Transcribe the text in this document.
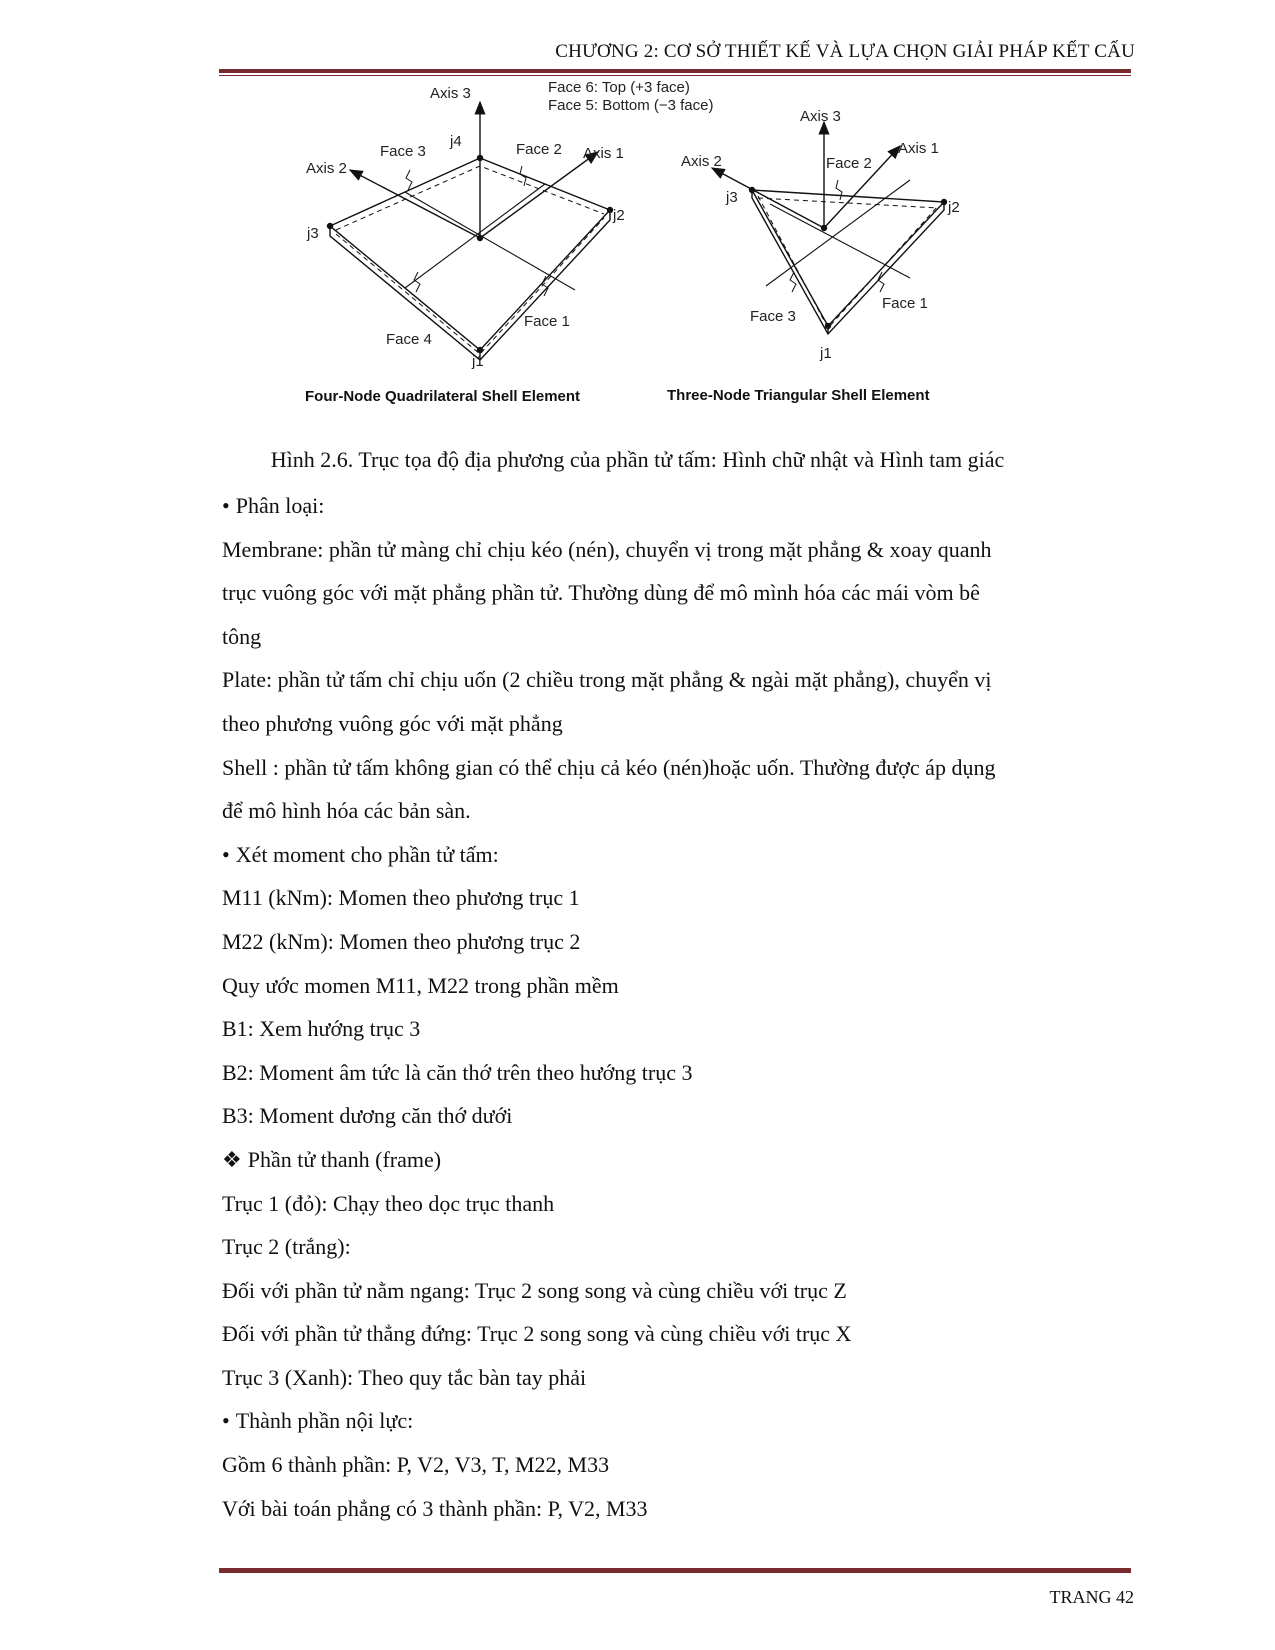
CHƯƠNG 2: CƠ SỞ THIẾT KẾ VÀ LỰA CHỌN GIẢI PHÁP KẾT CẤU
Face 6: Top (+3 face)
Face 5: Bottom (−3 face)
Axis 3
Axis 2
Axis 1
Face 3	Face 2
Face 4
Face 1
j4
j2
j3
j1
Axis 3
Axis 2
Axis 1
Face 2
Face 3
Face 1
j3
j2
j1
Four-Node Quadrilateral Shell Element	Three-Node Triangular Shell Element
Hình 2.6. Trục tọa độ địa phương của phần tử tấm: Hình chữ nhật và Hình tam giác
• Phân loại:
Membrane: phần tử màng chỉ chịu kéo (nén), chuyển vị trong mặt phẳng & xoay quanh
trục vuông góc với mặt phẳng phần tử. Thường dùng để mô mình hóa các mái vòm bê
tông
Plate: phần tử tấm chỉ chịu uốn (2 chiều trong mặt phẳng & ngài mặt phẳng), chuyển vị
theo phương vuông góc với mặt phẳng
Shell : phần tử tấm không gian có thể chịu cả kéo (nén)hoặc uốn. Thường được áp dụng
để mô hình hóa các bản sàn.
• Xét moment cho phần tử tấm:
M11 (kNm): Momen theo phương trục 1
M22 (kNm): Momen theo phương trục 2
Quy ước momen M11, M22 trong phần mềm
B1: Xem hướng trục 3
B2: Moment âm tức là căn thớ trên theo hướng trục 3
B3: Moment dương căn thớ dưới
❖ Phần tử thanh (frame)
Trục 1 (đỏ): Chạy theo dọc trục thanh
Trục 2 (trắng):
Đối với phần tử nằm ngang: Trục 2 song song và cùng chiều với trục Z
Đối với phần tử thẳng đứng: Trục 2 song song và cùng chiều với trục X
Trục 3 (Xanh): Theo quy tắc bàn tay phải
• Thành phần nội lực:
Gồm 6 thành phần: P, V2, V3, T, M22, M33
Với bài toán phẳng có 3 thành phần: P, V2, M33
TRANG 42
